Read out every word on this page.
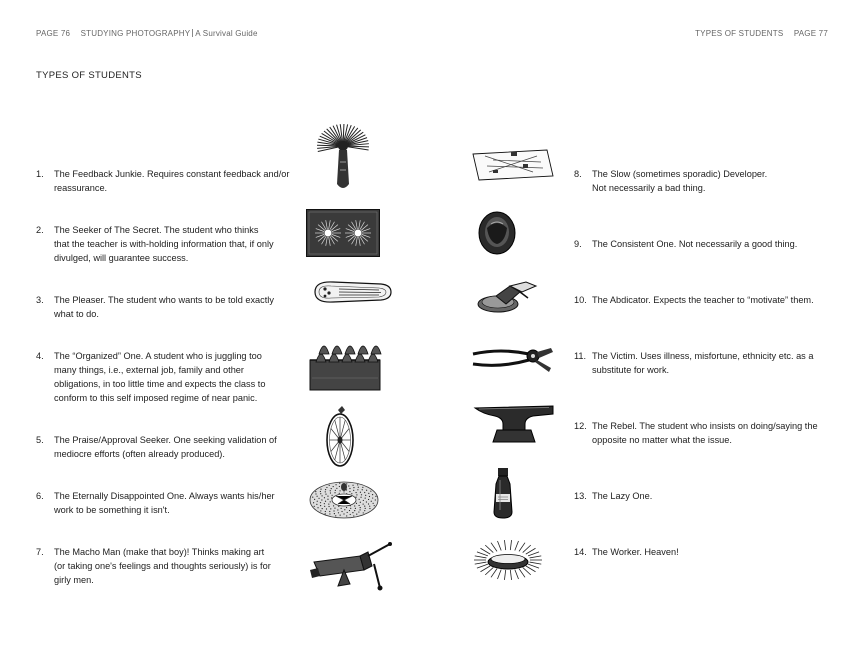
PAGE 76 STUDYING PHOTOGRAPHY A Survival Guide	TYPES OF STUDENTS PAGE 77
TYPES OF STUDENTS
1. The Feedback Junkie. Requires constant feedback and/or
reassurance.
2. The Seeker of The Secret. The student who thinks
that the teacher is with-holding information that, if only
divulged, will guarantee success.
3. The Pleaser. The student who wants to be told exactly
what to do.
4. The “Organized” One. A student who is juggling too
many things, i.e., external job, family and other
obligations, in too little time and expects the class to
conform to this self imposed regime of near panic.
5. The Praise/Approval Seeker. One seeking validation of
mediocre efforts (often already produced).
6. The Eternally Disappointed One. Always wants his/her
work to be something it isn't.
7. The Macho Man (make that boy)! Thinks making art
(or taking one's feelings and thoughts seriously) is for
girly men.
8. The Slow (sometimes sporadic) Developer.
Not necessarily a bad thing.
9. The Consistent One. Not necessarily a good thing.
10. The Abdicator. Expects the teacher to “motivate” them.
11. The Victim. Uses illness, misfortune, ethnicity etc. as a
substitute for work.
12. The Rebel. The student who insists on doing/saying the
opposite no matter what the issue.
13. The Lazy One.
14. The Worker. Heaven!
